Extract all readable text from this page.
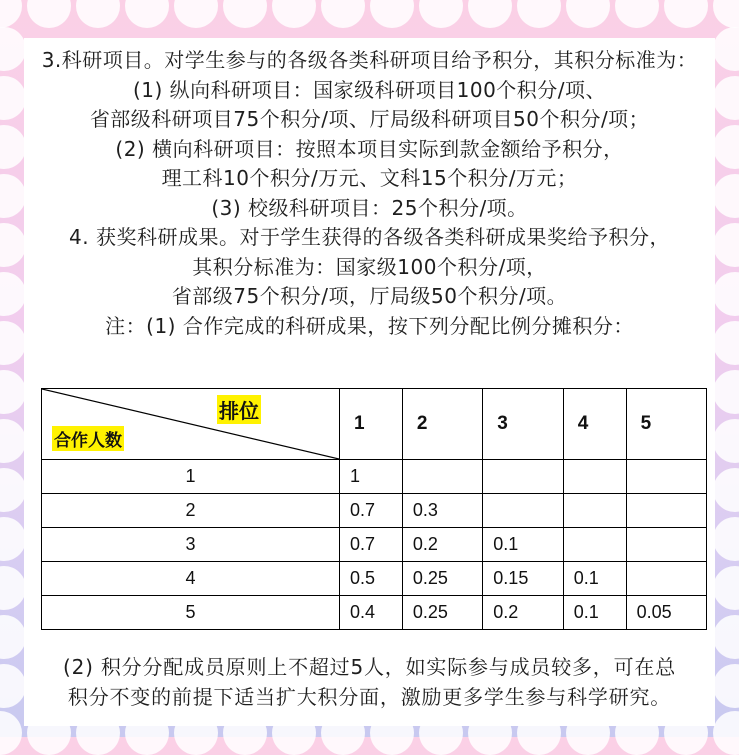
3.科研项目。对学生参与的各级各类科研项目给予积分，其积分标准为：
(1) 纵向科研项目：国家级科研项目100个积分/项、
省部级科研项目75个积分/项、厅局级科研项目50个积分/项；
(2) 横向科研项目：按照本项目实际到款金额给予积分，
理工科10个积分/万元、文科15个积分/万元；
(3) 校级科研项目：25个积分/项。
4. 获奖科研成果。对于学生获得的各级各类科研成果奖给予积分，
其积分标准为：国家级100个积分/项，
省部级75个积分/项，厅局级50个积分/项。
注：(1) 合作完成的科研成果，按下列分配比例分摊积分：
排位
合作人数	1	2	3	4	5
1	1				
2	0.7	0.3			
3	0.7	0.2	0.1		
4	0.5	0.25	0.15	0.1	
5	0.4	0.25	0.2	0.1	0.05
(2) 积分分配成员原则上不超过5人，如实际参与成员较多，可在总
积分不变的前提下适当扩大积分面，激励更多学生参与科学研究。
